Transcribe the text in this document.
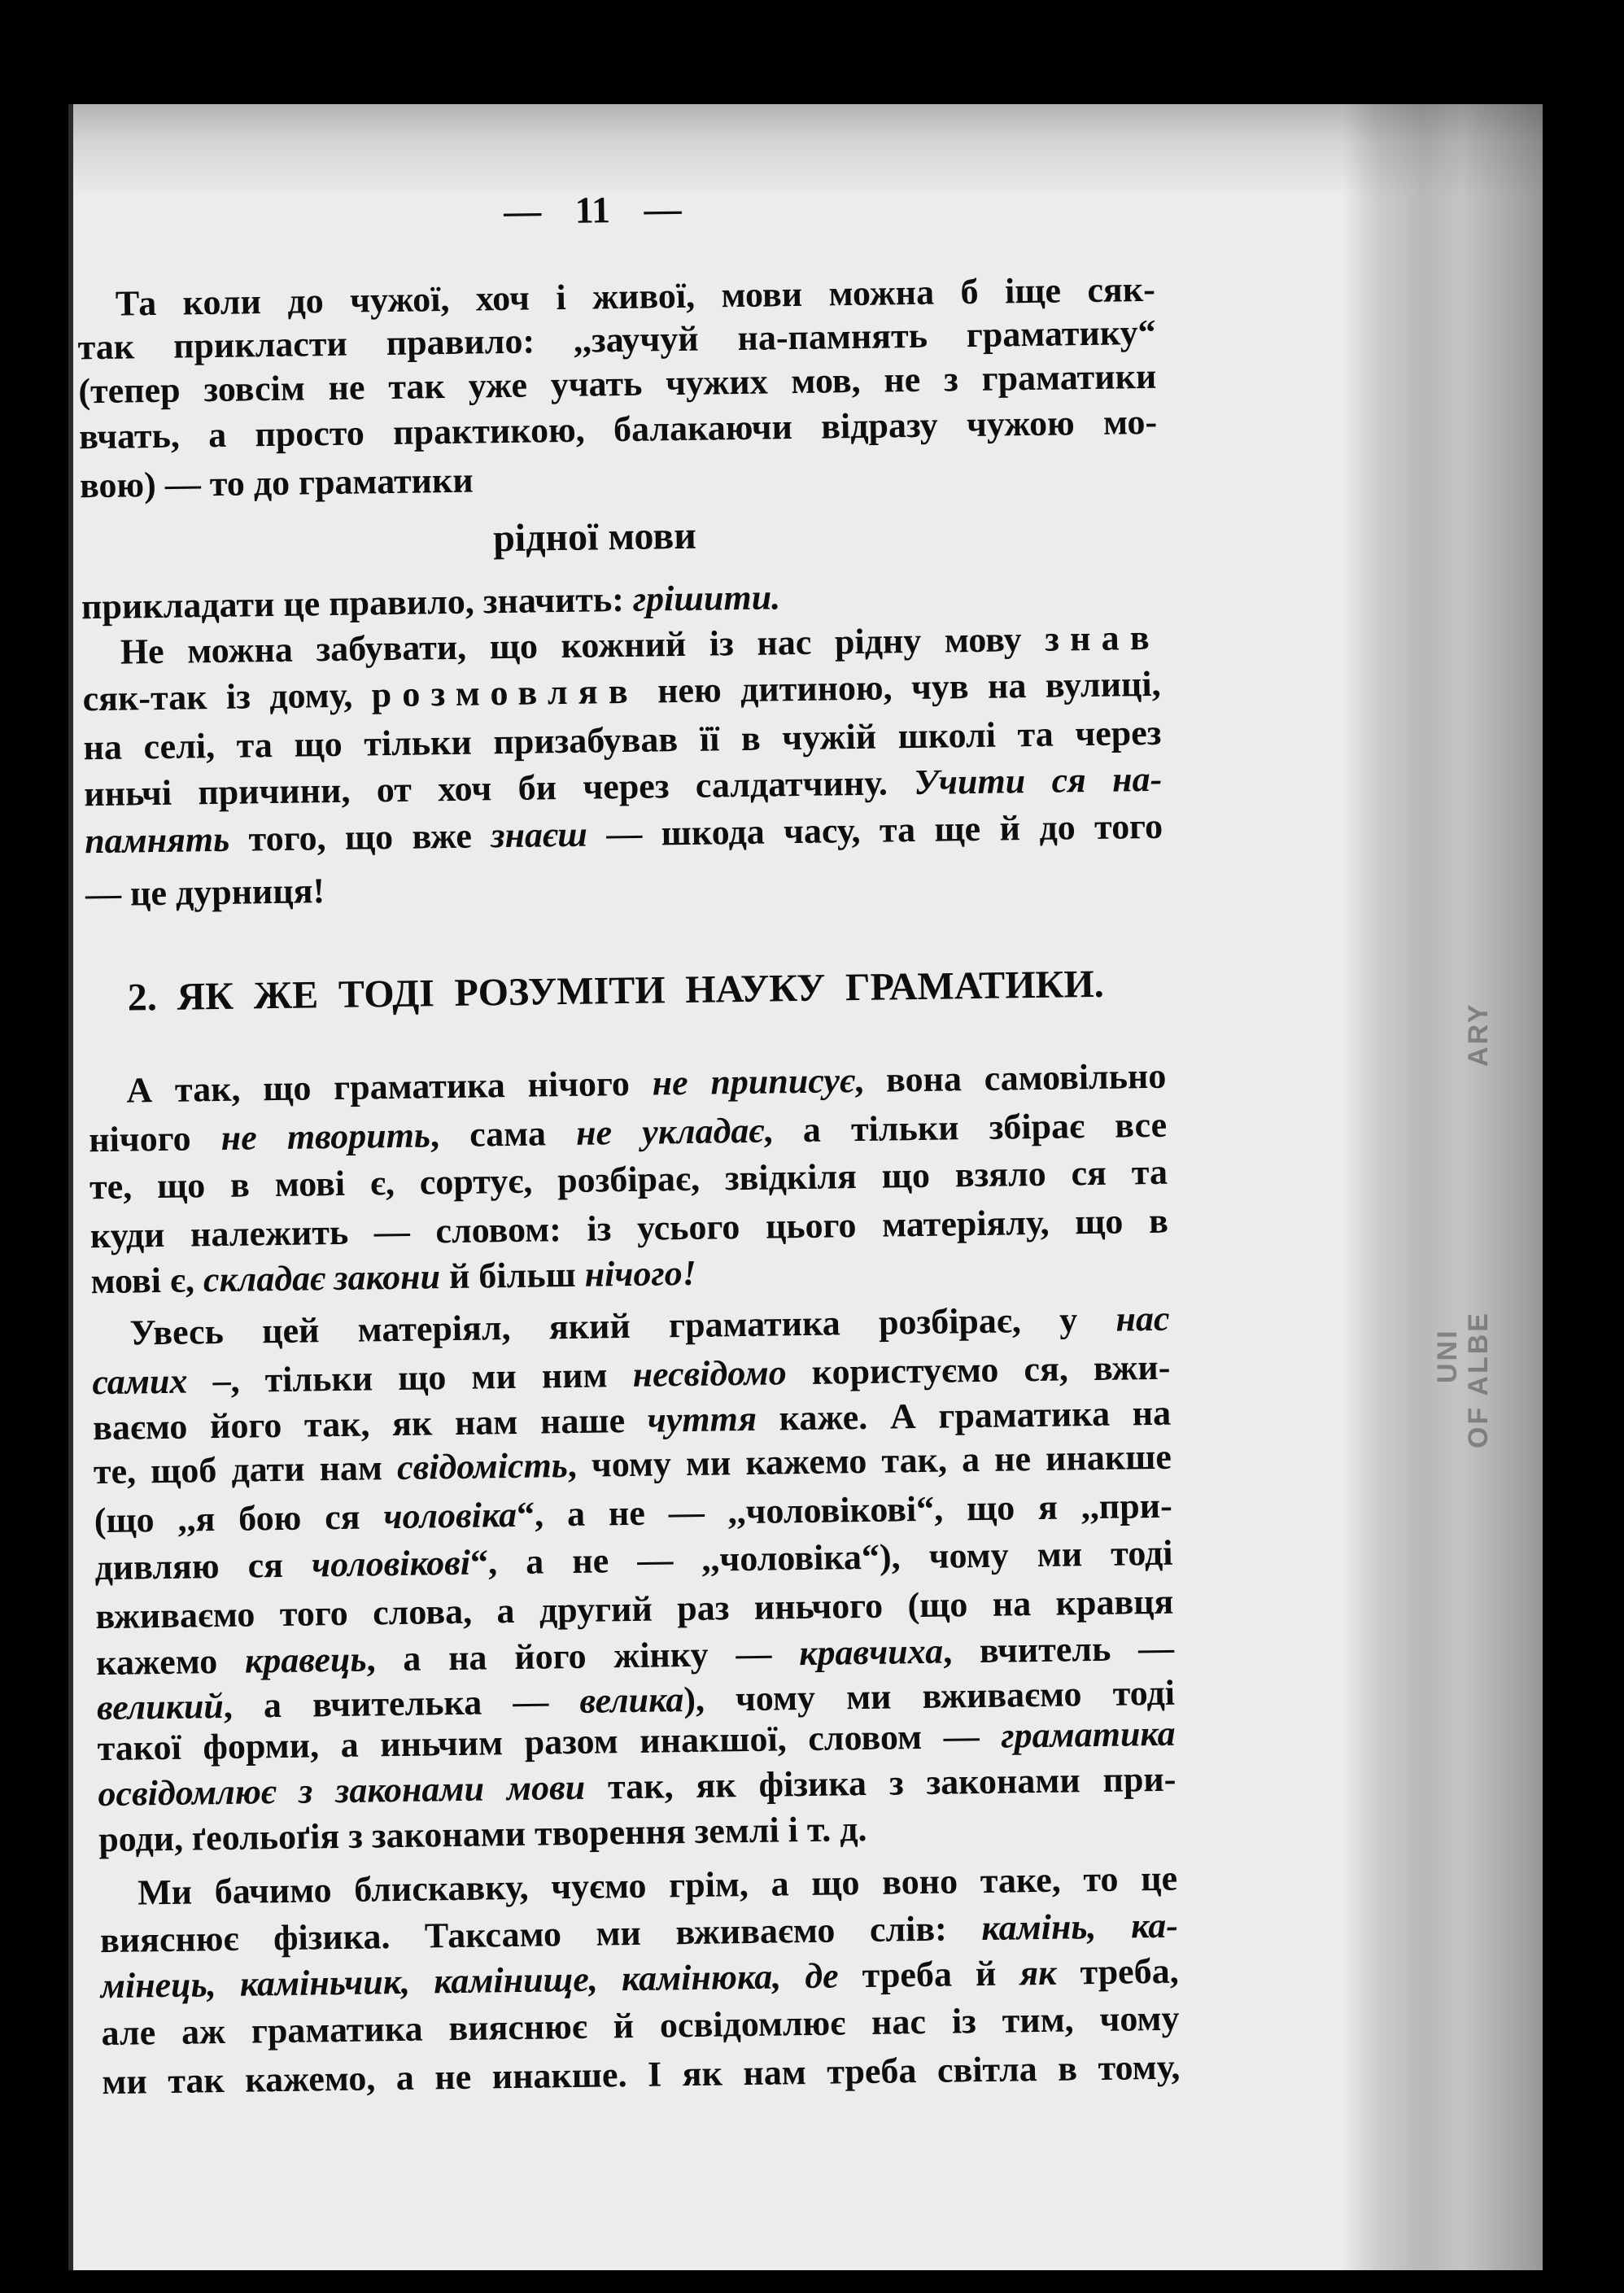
UNI OF ALBEARY
— 11 —
Та коли до чужої, хоч і живої, мови можна б іще сяк-
так прикласти правило: ,,заучуй на-памнять граматику“
(тепер зовсім не так уже учать чужих мов, не з граматики
вчать, а просто практикою, балакаючи відразу чужою мо-
вою) — то до граматики
рідної мови
прикладати це правило, значить: грішити.
Не можна забувати, що кожний із нас рідну мову знав
сяк-так із дому, розмовляв нею дитиною, чув на вулиці,
на селі, та що тільки призабував її в чужій школі та через
иньчі причини, от хоч би через салдатчину. Учити ся на-
памнять того, що вже знаєш — шкода часу, та ще й до того
— це дурниця!
2. ЯК ЖЕ ТОДІ РОЗУМІТИ НАУКУ ГРАМАТИКИ.
А так, що граматика нічого не приписує, вона самовільно
нічого не творить, сама не укладає, а тільки збірає все
те, що в мові є, сортує, розбірає, звідкіля що взяло ся та
куди належить — словом: із усього цього матеріялу, що в
мові є, складає закони й більш нічого!
Увесь цей матеріял, який граматика розбірає, у нас
самих –, тільки що ми ним несвідомо користуємо ся, вжи-
ваємо його так, як нам наше чуття каже. А граматика на
те, щоб дати нам свідомість, чому ми кажемо так, а не инакше
(що ,,я бою ся чоловіка“, а не — ,,чоловікові“, що я ,,при-
дивляю ся чоловікові“, а не — ,,чоловіка“), чому ми тоді
вживаємо того слова, а другий раз иньчого (що на кравця
кажемо кравець, а на його жінку — кравчиха, вчитель —
великий, а вчителька — велика), чому ми вживаємо тоді
такої форми, а иньчим разом инакшої, словом — граматика
освідомлює з законами мови так, як фізика з законами при-
роди, ґеольоґія з законами творення землі і т. д.
Ми бачимо блискавку, чуємо грім, а що воно таке, то це
вияснює фізика. Таксамо ми вживаємо слів: камінь, ка-
мінець, каміньчик, камінище, камінюка, де треба й як треба,
але аж граматика вияснює й освідомлює нас із тим, чому
ми так кажемо, а не инакше. І як нам треба світла в тому,
